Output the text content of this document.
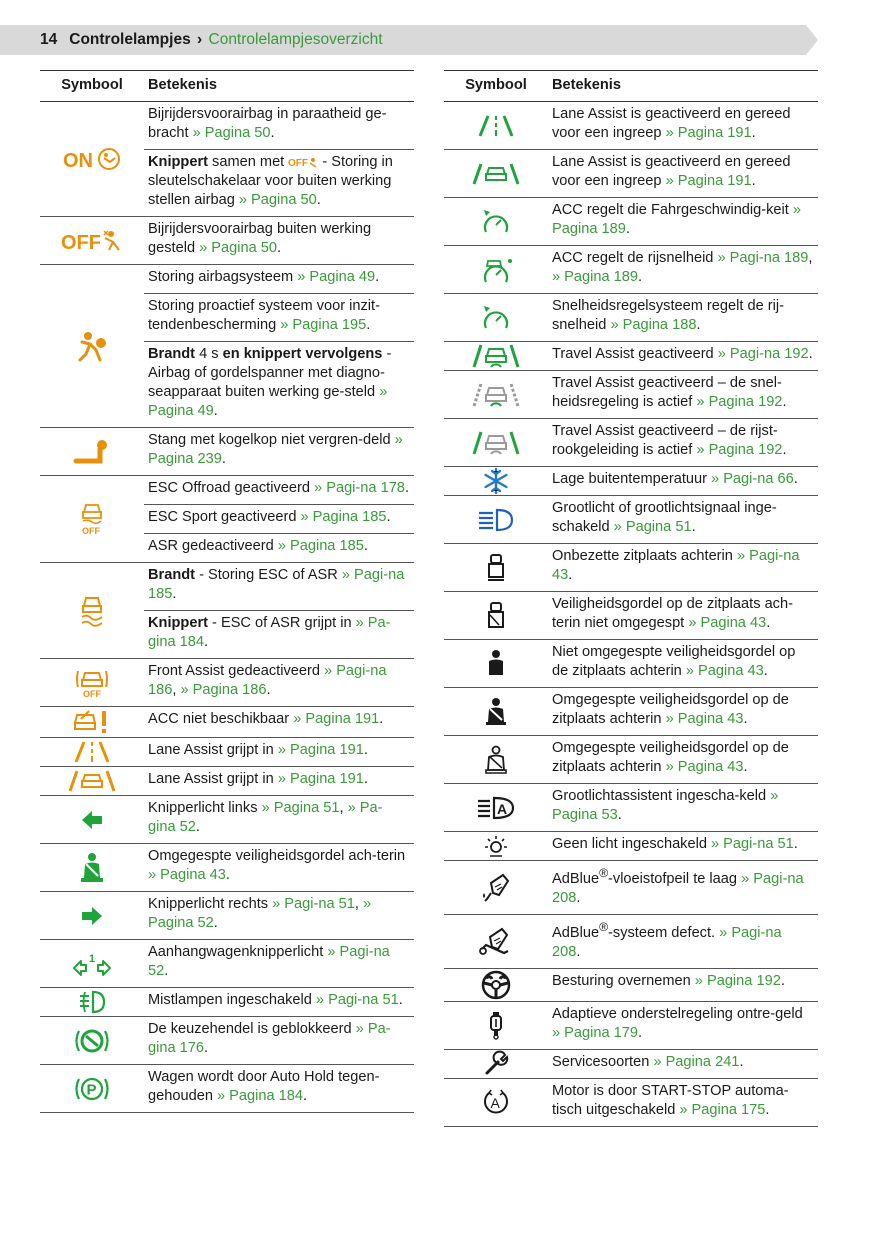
14 Controlelampjes › Controlelampjesoverzicht
Symbool	Betekenis

ON	Bijrijdersvoorairbag in paraatheid ge-bracht » Pagina 50.
	Knippert samen met OFF - Storing in sleutelschakelaar voor buiten werking stellen airbag » Pagina 50.

OFF	Bijrijdersvoorairbag buiten werking gesteld » Pagina 50.
	Storing airbagsysteem » Pagina 49.
	Storing proactief systeem voor inzit-tendenbescherming » Pagina 195.
	Brandt 4 s en knippert vervolgens - Airbag of gordelspanner met diagno-seapparaat buiten werking ge-steld » Pagina 49.
	Stang met kogelkop niet vergren-deld » Pagina 239.

OFF	ESC Offroad geactiveerd » Pagi-na 178.
	ESC Sport geactiveerd » Pagina 185.
	ASR gedeactiveerd » Pagina 185.
	Brandt - Storing ESC of ASR » Pagi-na 185.
	Knippert - ESC of ASR grijpt in » Pa-gina 184.

OFF	Front Assist gedeactiveerd » Pagi-na 186, » Pagina 186.
	ACC niet beschikbaar » Pagina 191.
	Lane Assist grijpt in » Pagina 191.
	Lane Assist grijpt in » Pagina 191.
	Knipperlicht links » Pagina 51, » Pa-gina 52.
	Omgegespte veiligheidsgordel ach-terin » Pagina 43.
	Knipperlicht rechts » Pagi-na 51, » Pagina 52.

1	Aanhangwagenknipperlicht » Pagi-na 52.
	Mistlampen ingeschakeld » Pagi-na 51.
	De keuzehendel is geblokkeerd » Pa-gina 176.

P	Wagen wordt door Auto Hold tegen-gehouden » Pagina 184.
Symbool	Betekenis
	Lane Assist is geactiveerd en gereed voor een ingreep » Pagina 191.
	Lane Assist is geactiveerd en gereed voor een ingreep » Pagina 191.
	ACC regelt die Fahrgeschwindig-keit » Pagina 189.
	ACC regelt de rijsnelheid » Pagi-na 189, » Pagina 189.
	Snelheidsregelsysteem regelt de rij-snelheid » Pagina 188.
	Travel Assist geactiveerd » Pagi-na 192.
	Travel Assist geactiveerd – de snel-heidsregeling is actief » Pagina 192.
	Travel Assist geactiveerd – de rijst-rookgeleiding is actief » Pagina 192.
	Lage buitentemperatuur » Pagi-na 66.
	Grootlicht of grootlichtsignaal inge-schakeld » Pagina 51.
	Onbezette zitplaats achterin » Pagi-na 43.
	Veiligheidsgordel op de zitplaats ach-terin niet omgegespt » Pagina 43.
	Niet omgegespte veiligheidsgordel op de zitplaats achterin » Pagina 43.
	Omgegespte veiligheidsgordel op de zitplaats achterin » Pagina 43.
	Omgegespte veiligheidsgordel op de zitplaats achterin » Pagina 43.

A	Grootlichtassistent ingescha-keld » Pagina 53.
	Geen licht ingeschakeld » Pagi-na 51.
	AdBlue®-vloeistofpeil te laag » Pagi-na 208.
	AdBlue®-systeem defect. » Pagi-na 208.
	Besturing overnemen » Pagina 192.
	Adaptieve onderstelregeling ontre-geld » Pagina 179.
	Servicesoorten » Pagina 241.

A	Motor is door START-STOP automa-tisch uitgeschakeld » Pagina 175.
